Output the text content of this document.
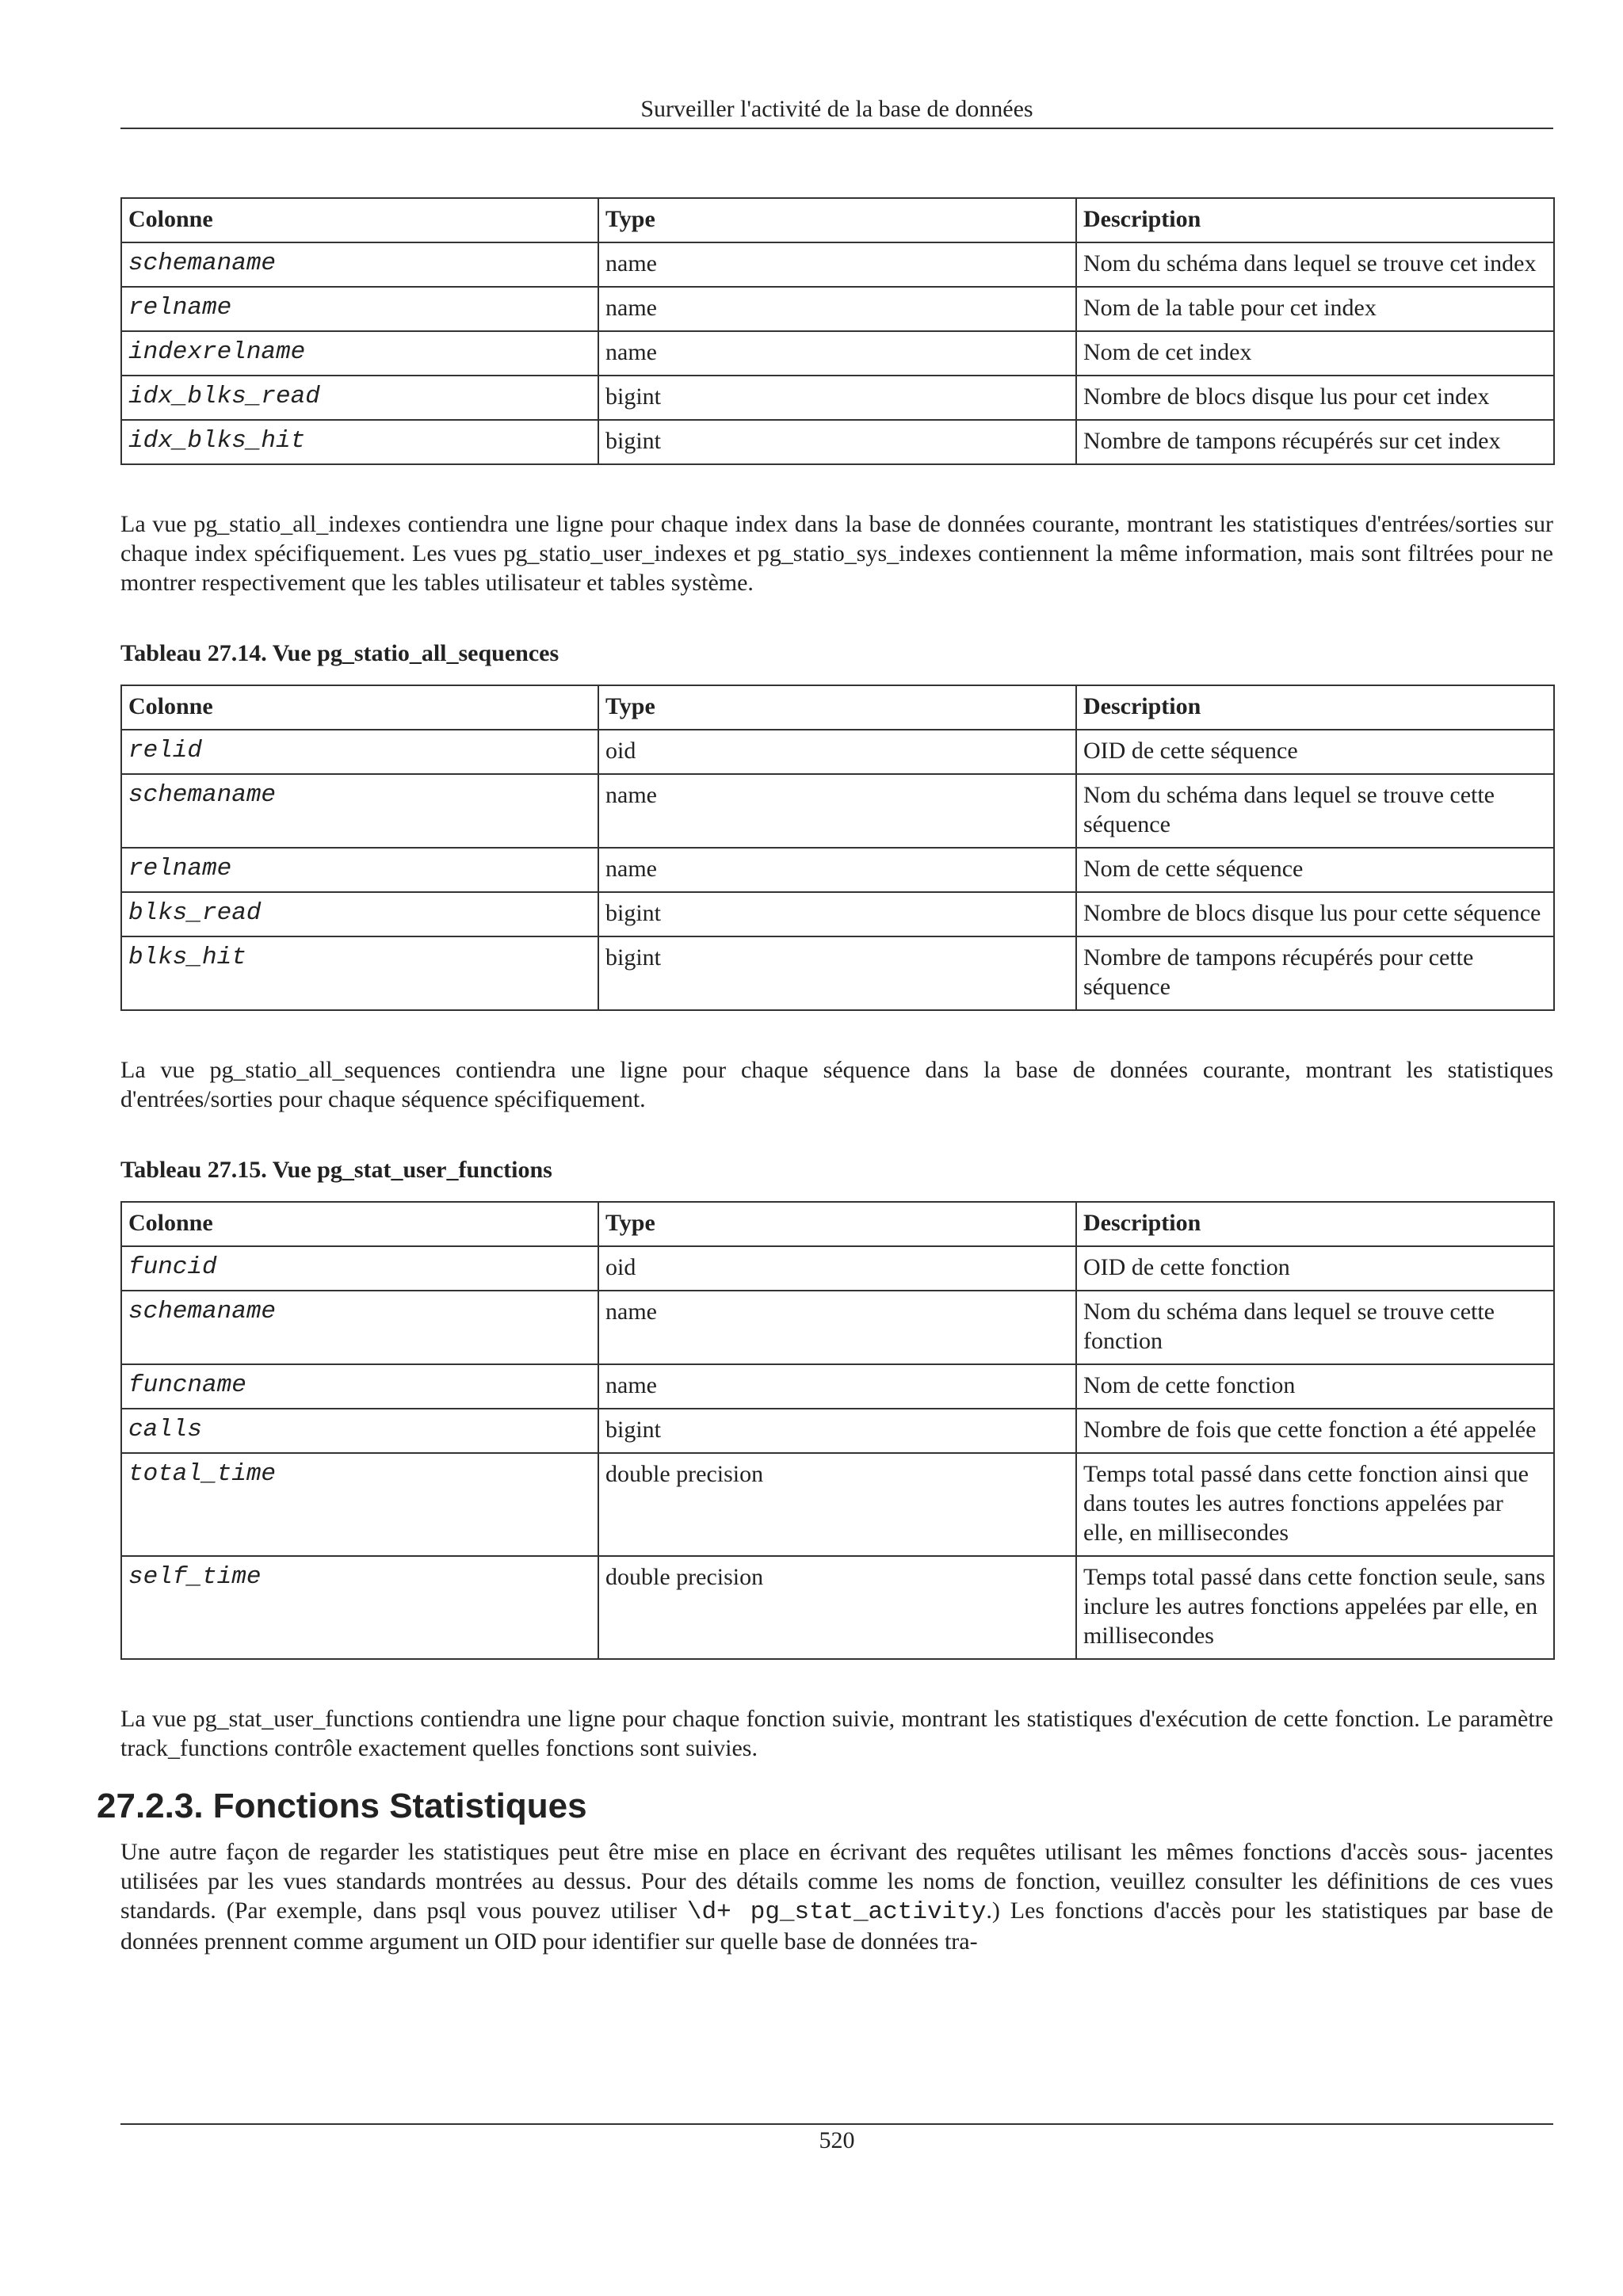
Surveiller l'activité de la base de données
Colonne	Type	Description
schemaname	name	Nom du schéma dans lequel se trouve cet index
relname	name	Nom de la table pour cet index
indexrelname	name	Nom de cet index
idx_blks_read	bigint	Nombre de blocs disque lus pour cet index
idx_blks_hit	bigint	Nombre de tampons récupérés sur cet index

La vue pg_statio_all_indexes contiendra une ligne pour chaque index dans la base de données courante, montrant les statistiques d'entrées/sorties sur chaque index spécifiquement. Les vues pg_statio_user_indexes et pg_statio_sys_indexes contiennent la même information, mais sont filtrées pour ne montrer respectivement que les tables utilisateur et tables système.

Tableau 27.14. Vue pg_statio_all_sequences
Colonne	Type	Description
relid	oid	OID de cette séquence
schemaname	name	Nom du schéma dans lequel se trouve cette séquence
relname	name	Nom de cette séquence
blks_read	bigint	Nombre de blocs disque lus pour cette séquence
blks_hit	bigint	Nombre de tampons récupérés pour cette séquence

La vue pg_statio_all_sequences contiendra une ligne pour chaque séquence dans la base de données courante, montrant les statistiques d'entrées/sorties pour chaque séquence spécifiquement.

Tableau 27.15. Vue pg_stat_user_functions
Colonne	Type	Description
funcid	oid	OID de cette fonction
schemaname	name	Nom du schéma dans lequel se trouve cette fonction
funcname	name	Nom de cette fonction
calls	bigint	Nombre de fois que cette fonction a été appelée
total_time	double precision	Temps total passé dans cette fonction ainsi que dans toutes les autres fonctions appelées par elle, en millisecondes
self_time	double precision	Temps total passé dans cette fonction seule, sans inclure les autres fonctions appelées par elle, en millisecondes

La vue pg_stat_user_functions contiendra une ligne pour chaque fonction suivie, montrant les statistiques d'exécution de cette fonction. Le paramètre track_functions contrôle exactement quelles fonctions sont suivies.

27.2.3. Fonctions Statistiques

Une autre façon de regarder les statistiques peut être mise en place en écrivant des requêtes utilisant les mêmes fonctions d'accès sous- jacentes utilisées par les vues standards montrées au dessus. Pour des détails comme les noms de fonction, veuillez consulter les définitions de ces vues standards. (Par exemple, dans psql vous pouvez utiliser \d+ pg_stat_activity.) Les fonctions d'accès pour les statistiques par base de données prennent comme argument un OID pour identifier sur quelle base de données tra-

520
